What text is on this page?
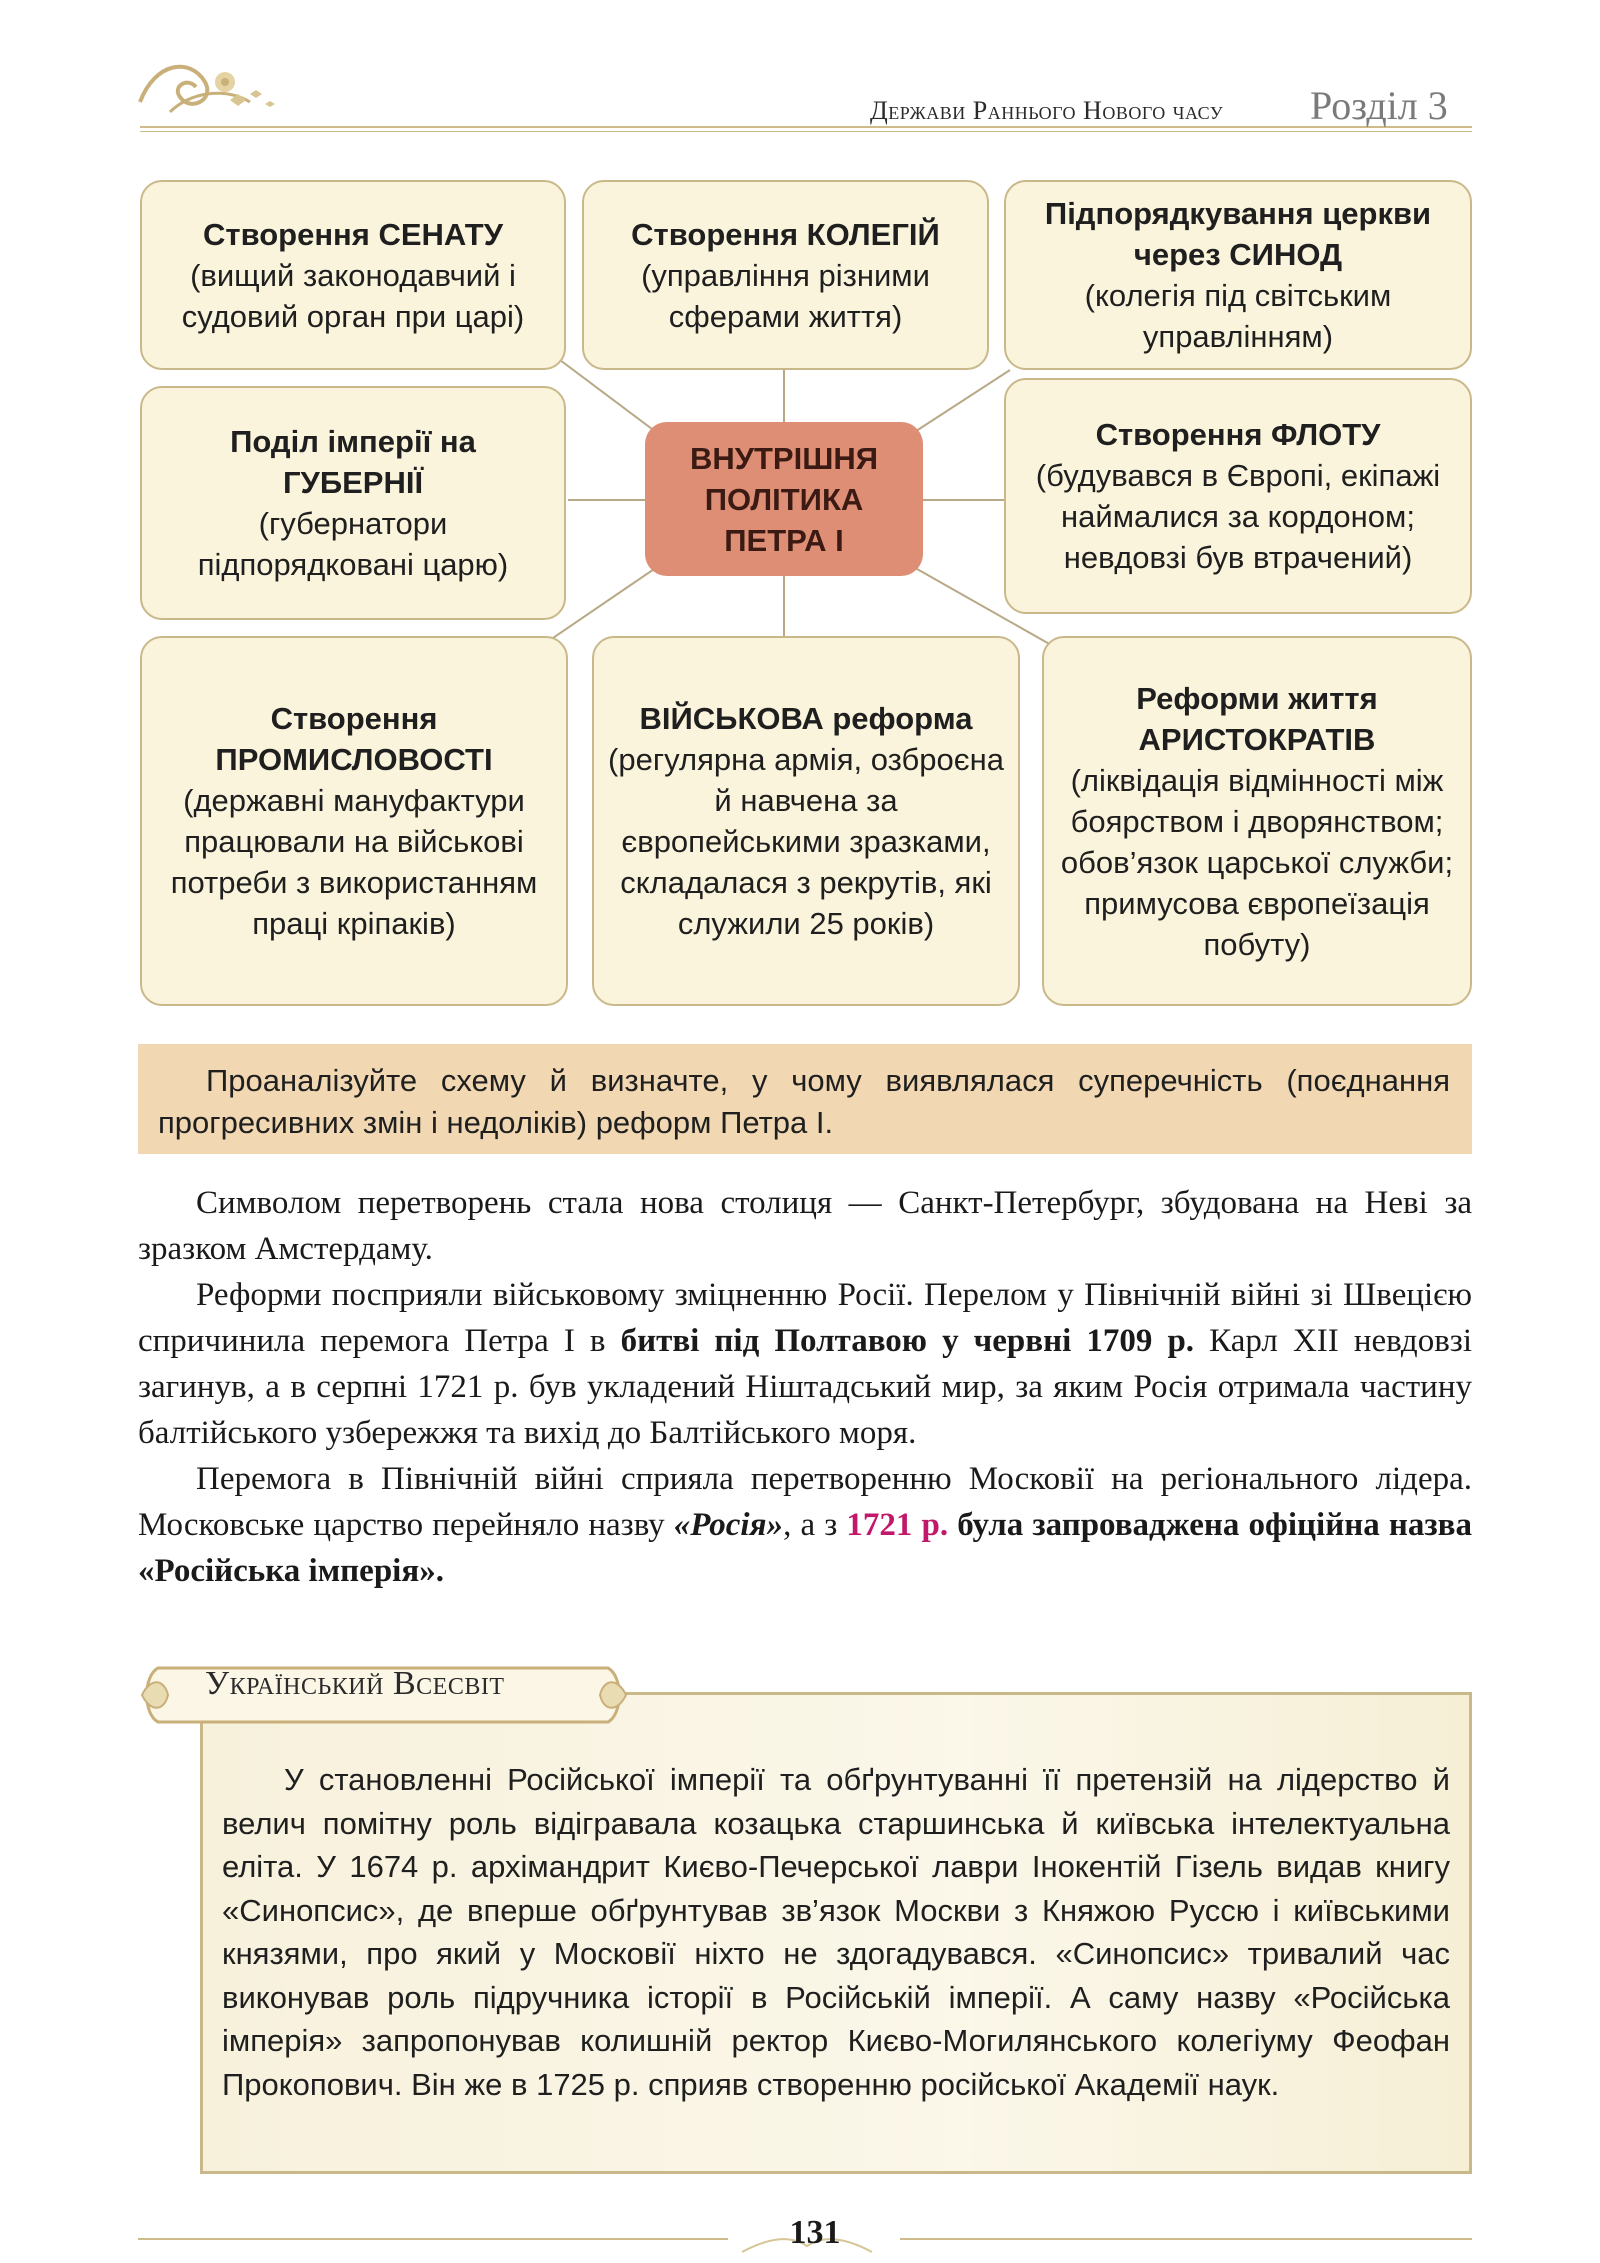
Держави Раннього Нового часу Розділ 3
Створення СЕНАТУ
(вищий законодавчий і судовий орган при царі)
Створення КОЛЕГІЙ
(управління різними сферами життя)
Підпорядкування церкви через СИНОД
(колегія під світським управлінням)
Поділ імперії на ГУБЕРНІЇ
(губернатори підпорядковані царю)
ВНУТРІШНЯ
ПОЛІТИКА
ПЕТРА І
Створення ФЛОТУ
(будувався в Європі, екіпажі наймалися за кордоном; невдовзі був втрачений)
Створення ПРОМИСЛОВОСТІ
(державні мануфактури працювали на військові потреби з використанням праці кріпаків)
ВІЙСЬКОВА реформа (регулярна армія, озброєна й навчена за європейськими зразками, складалася з рекрутів, які служили 25 років)
Реформи життя АРИСТОКРАТІВ
(ліквідація відмінності між боярством і дворянством; обов’язок царської служби; примусова європеїзація побуту)
Проаналізуйте схему й визначте, у чому виявлялася суперечність (поєднання прогресивних змін і недоліків) реформ Петра І.

Символом перетворень стала нова столиця — Санкт-Петербург, збудована на Неві за зразком Амстердаму.

Реформи посприяли військовому зміцненню Росії. Перелом у Північній війні зі Швецією спричинила перемога Петра І в битві під Полтавою у червні 1709 р. Карл ХІІ невдовзі загинув, а в серпні 1721 р. був укладений Ніштадський мир, за яким Росія отримала частину балтійського узбережжя та вихід до Балтійського моря.

Перемога в Північній війні сприяла перетворенню Московії на регіонального лідера. Московське царство перейняло назву «Росія», а з 1721 р. була запроваджена офіційна назва «Російська імперія».

Український Всесвіт
У становленні Російської імперії та обґрунтуванні її претензій на лідерство й велич помітну роль відігравала козацька старшинська й київська інтелектуальна еліта. У 1674 р. архімандрит Києво-Печерської лаври Інокентій Гізель видав книгу «Синопсис», де вперше обґрунтував зв’язок Москви з Княжою Руссю і київськими князями, про який у Московії ніхто не здогадувався. «Синопсис» тривалий час виконував роль підручника історії в Російській імперії. А саму назву «Російська імперія» запропонував колишній ректор Києво-Могилянського колегіуму Феофан Прокопович. Він же в 1725 р. сприяв створенню російської Академії наук.
131
